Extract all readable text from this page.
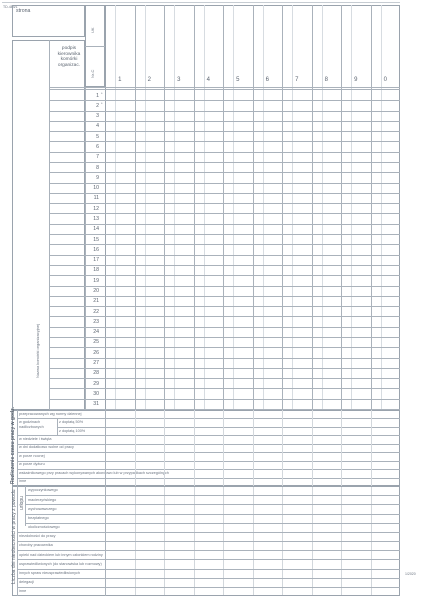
TD-484/1
strona
Nazwa komórki organizacyjnej
podpis
kierownika
komórki
organizac.
UK
Nr-C
1	2	3	4	5	6	7	8	9	0
1 *
2 *
3
4
5
6
7
8
9
10
11
12
13
14
15
16
17
18
19
20
21
22
23
24
25
26
27
28
29
30
31
Rozliczenie czasu pracy w godz. przepracowanych wg normy dziennej
w godzinach nadliczbowych
z dopłatą 50%
z dopłatą 100%
w niedziele i święta
w dni dodatkowo wolne od pracy
w porze nocnej
w porze dyżuru
wskaźnikowego przy pracach wykonywanych akordowo lub w przypadkach szczególnych
inne
Liczba dni nieobecności w pracy z powodu urlopu
wypoczynkowego
macierzyńskiego
wychowawczego
bezpłatnego
okolicznościowego
niezdolności do pracy
choroby pracownika
opieki nad dzieckiem lub innym członkiem rodziny
usprawiedliwionych (do stanowiska lub rozmowy)
innych spraw nieusprawiedliwionych
delegacji
inne
1/2020
